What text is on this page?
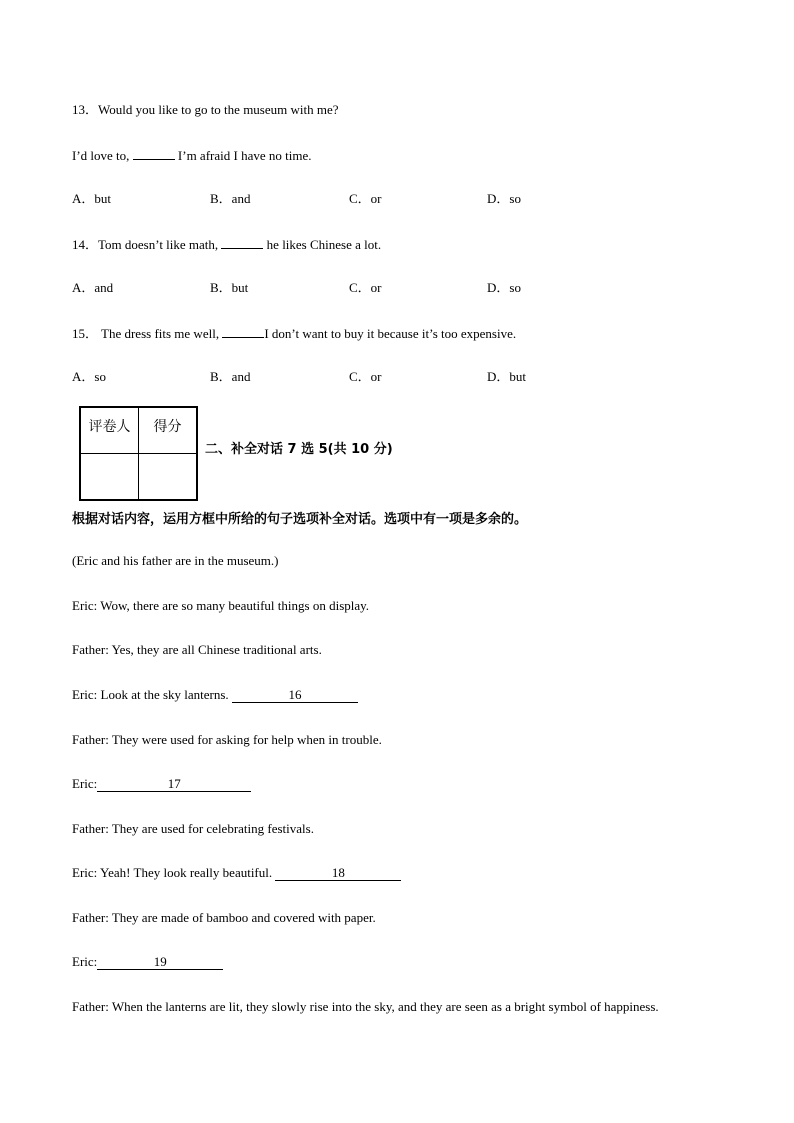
13．Would you like to go to the museum with me?
I’d love to,	I’m afraid I have no time.
A．but	B．and	C．or	D．so
14．Tom doesn’t like math,	he likes Chinese a lot.
A．and	B．but	C．or	D．so
15． The dress fits me well,	I don’t want to buy it because it’s too expensive.
A．so	B．and	C．or	D．but
评卷人	得分

二、补全对话 7 选 5(共 10 分)
根据对话内容，运用方框中所给的句子选项补全对话。选项中有一项是多余的。
(Eric and his father are in the museum.)
Eric: Wow, there are so many beautiful things on display.
Father: Yes, they are all Chinese traditional arts.
Eric: Look at the sky lanterns.	16
Father: They were used for asking for help when in trouble.
Eric:	17
Father: They are used for celebrating festivals.
Eric: Yeah! They look really beautiful.	18
Father: They are made of bamboo and covered with paper.
Eric:	19
Father: When the lanterns are lit, they slowly rise into the sky, and they are seen as a bright symbol of happiness.
